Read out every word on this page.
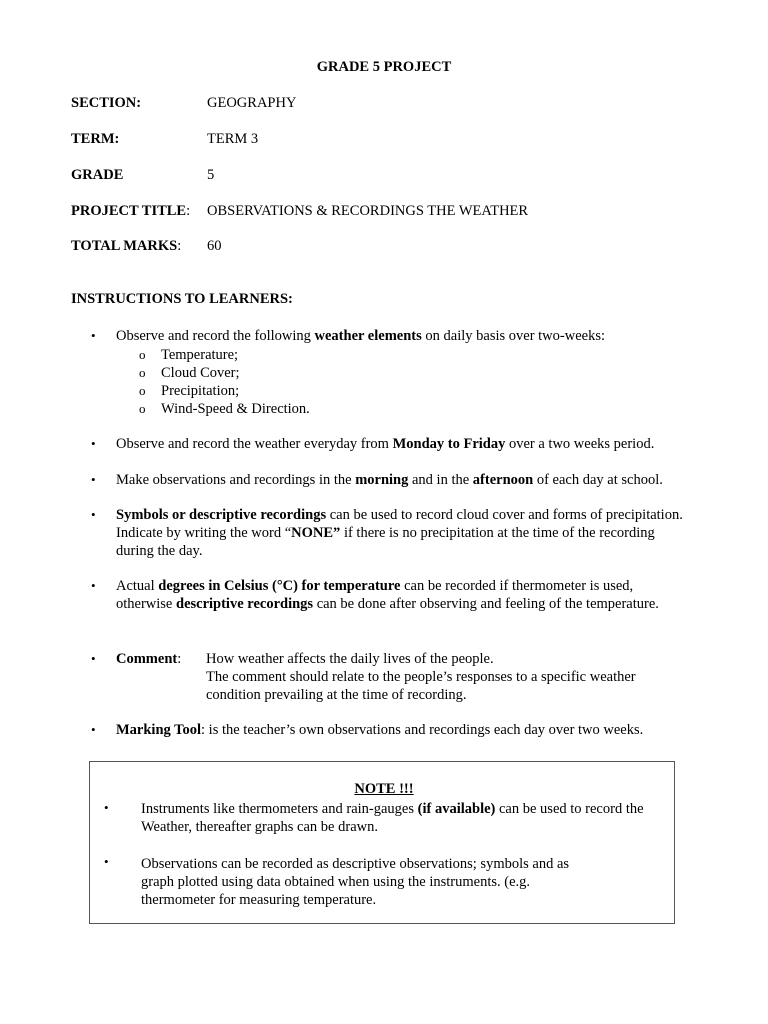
GRADE 5 PROJECT
SECTION:	GEOGRAPHY
TERM:	TERM 3
GRADE	5
PROJECT TITLE: OBSERVATIONS & RECORDINGS THE WEATHER
TOTAL MARKS: 60
INSTRUCTIONS TO LEARNERS:
• Observe and record the following weather elements on daily basis over two-weeks:
o Temperature;
o Cloud Cover;
o Precipitation;
o Wind-Speed & Direction.
• Observe and record the weather everyday from Monday to Friday over a two weeks period.
• Make observations and recordings in the morning and in the afternoon of each day at school.
• Symbols or descriptive recordings can be used to record cloud cover and forms of precipitation. Indicate by writing the word “NONE” if there is no precipitation at the time of the recording during the day.
• Actual degrees in Celsius (°C) for temperature can be recorded if thermometer is used, otherwise descriptive recordings can be done after observing and feeling of the temperature.
• Comment: How weather affects the daily lives of the people.
The comment should relate to the people’s responses to a specific weather condition prevailing at the time of recording.
• Marking Tool: is the teacher’s own observations and recordings each day over two weeks.
NOTE !!!
• Instruments like thermometers and rain-gauges (if available) can be used to record the Weather, thereafter graphs can be drawn.
• Observations can be recorded as descriptive observations; symbols and as
graph plotted using data obtained when using the instruments. (e.g.
thermometer for measuring temperature.
